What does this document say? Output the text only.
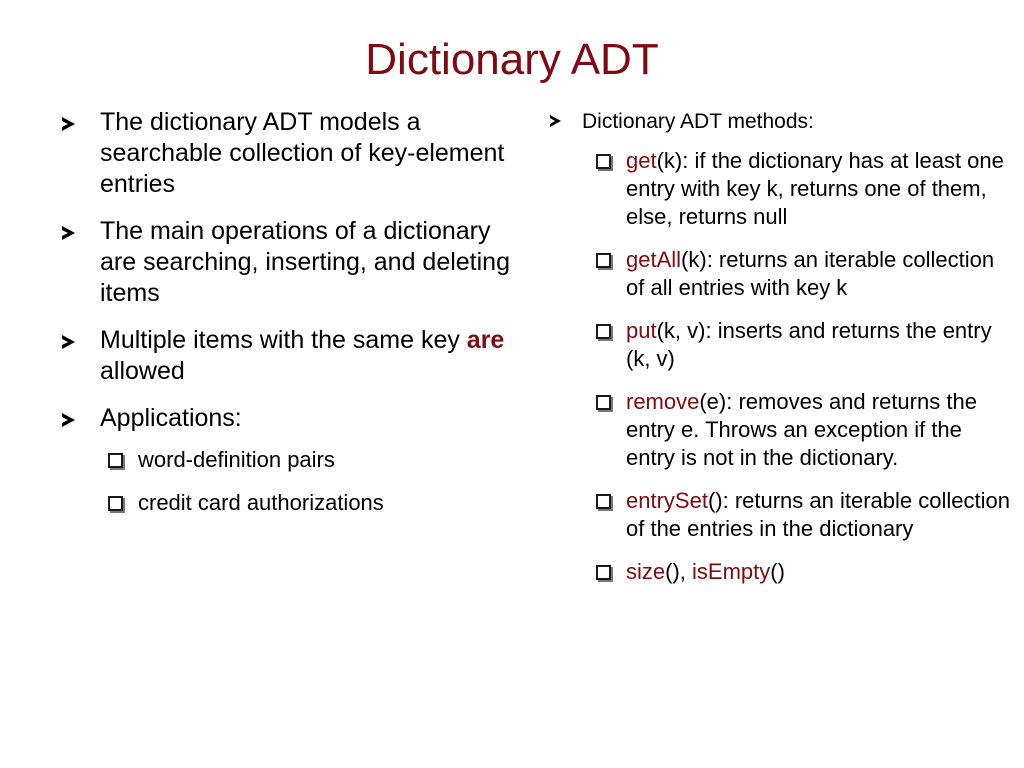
Dictionary ADT
The dictionary ADT models a searchable collection of key-element entries
The main operations of a dictionary are searching, inserting, and deleting items
Multiple items with the same key are allowed
Applications:
word-definition pairs
credit card authorizations
Dictionary ADT methods:
get(k): if the dictionary has at least one entry with key k, returns one of them, else, returns null
getAll(k): returns an iterable collection of all entries with key k
put(k, v): inserts and returns the entry (k, v)
remove(e): removes and returns the entry e. Throws an exception if the entry is not in the dictionary.
entrySet(): returns an iterable collection of the entries in the dictionary
size(), isEmpty()
